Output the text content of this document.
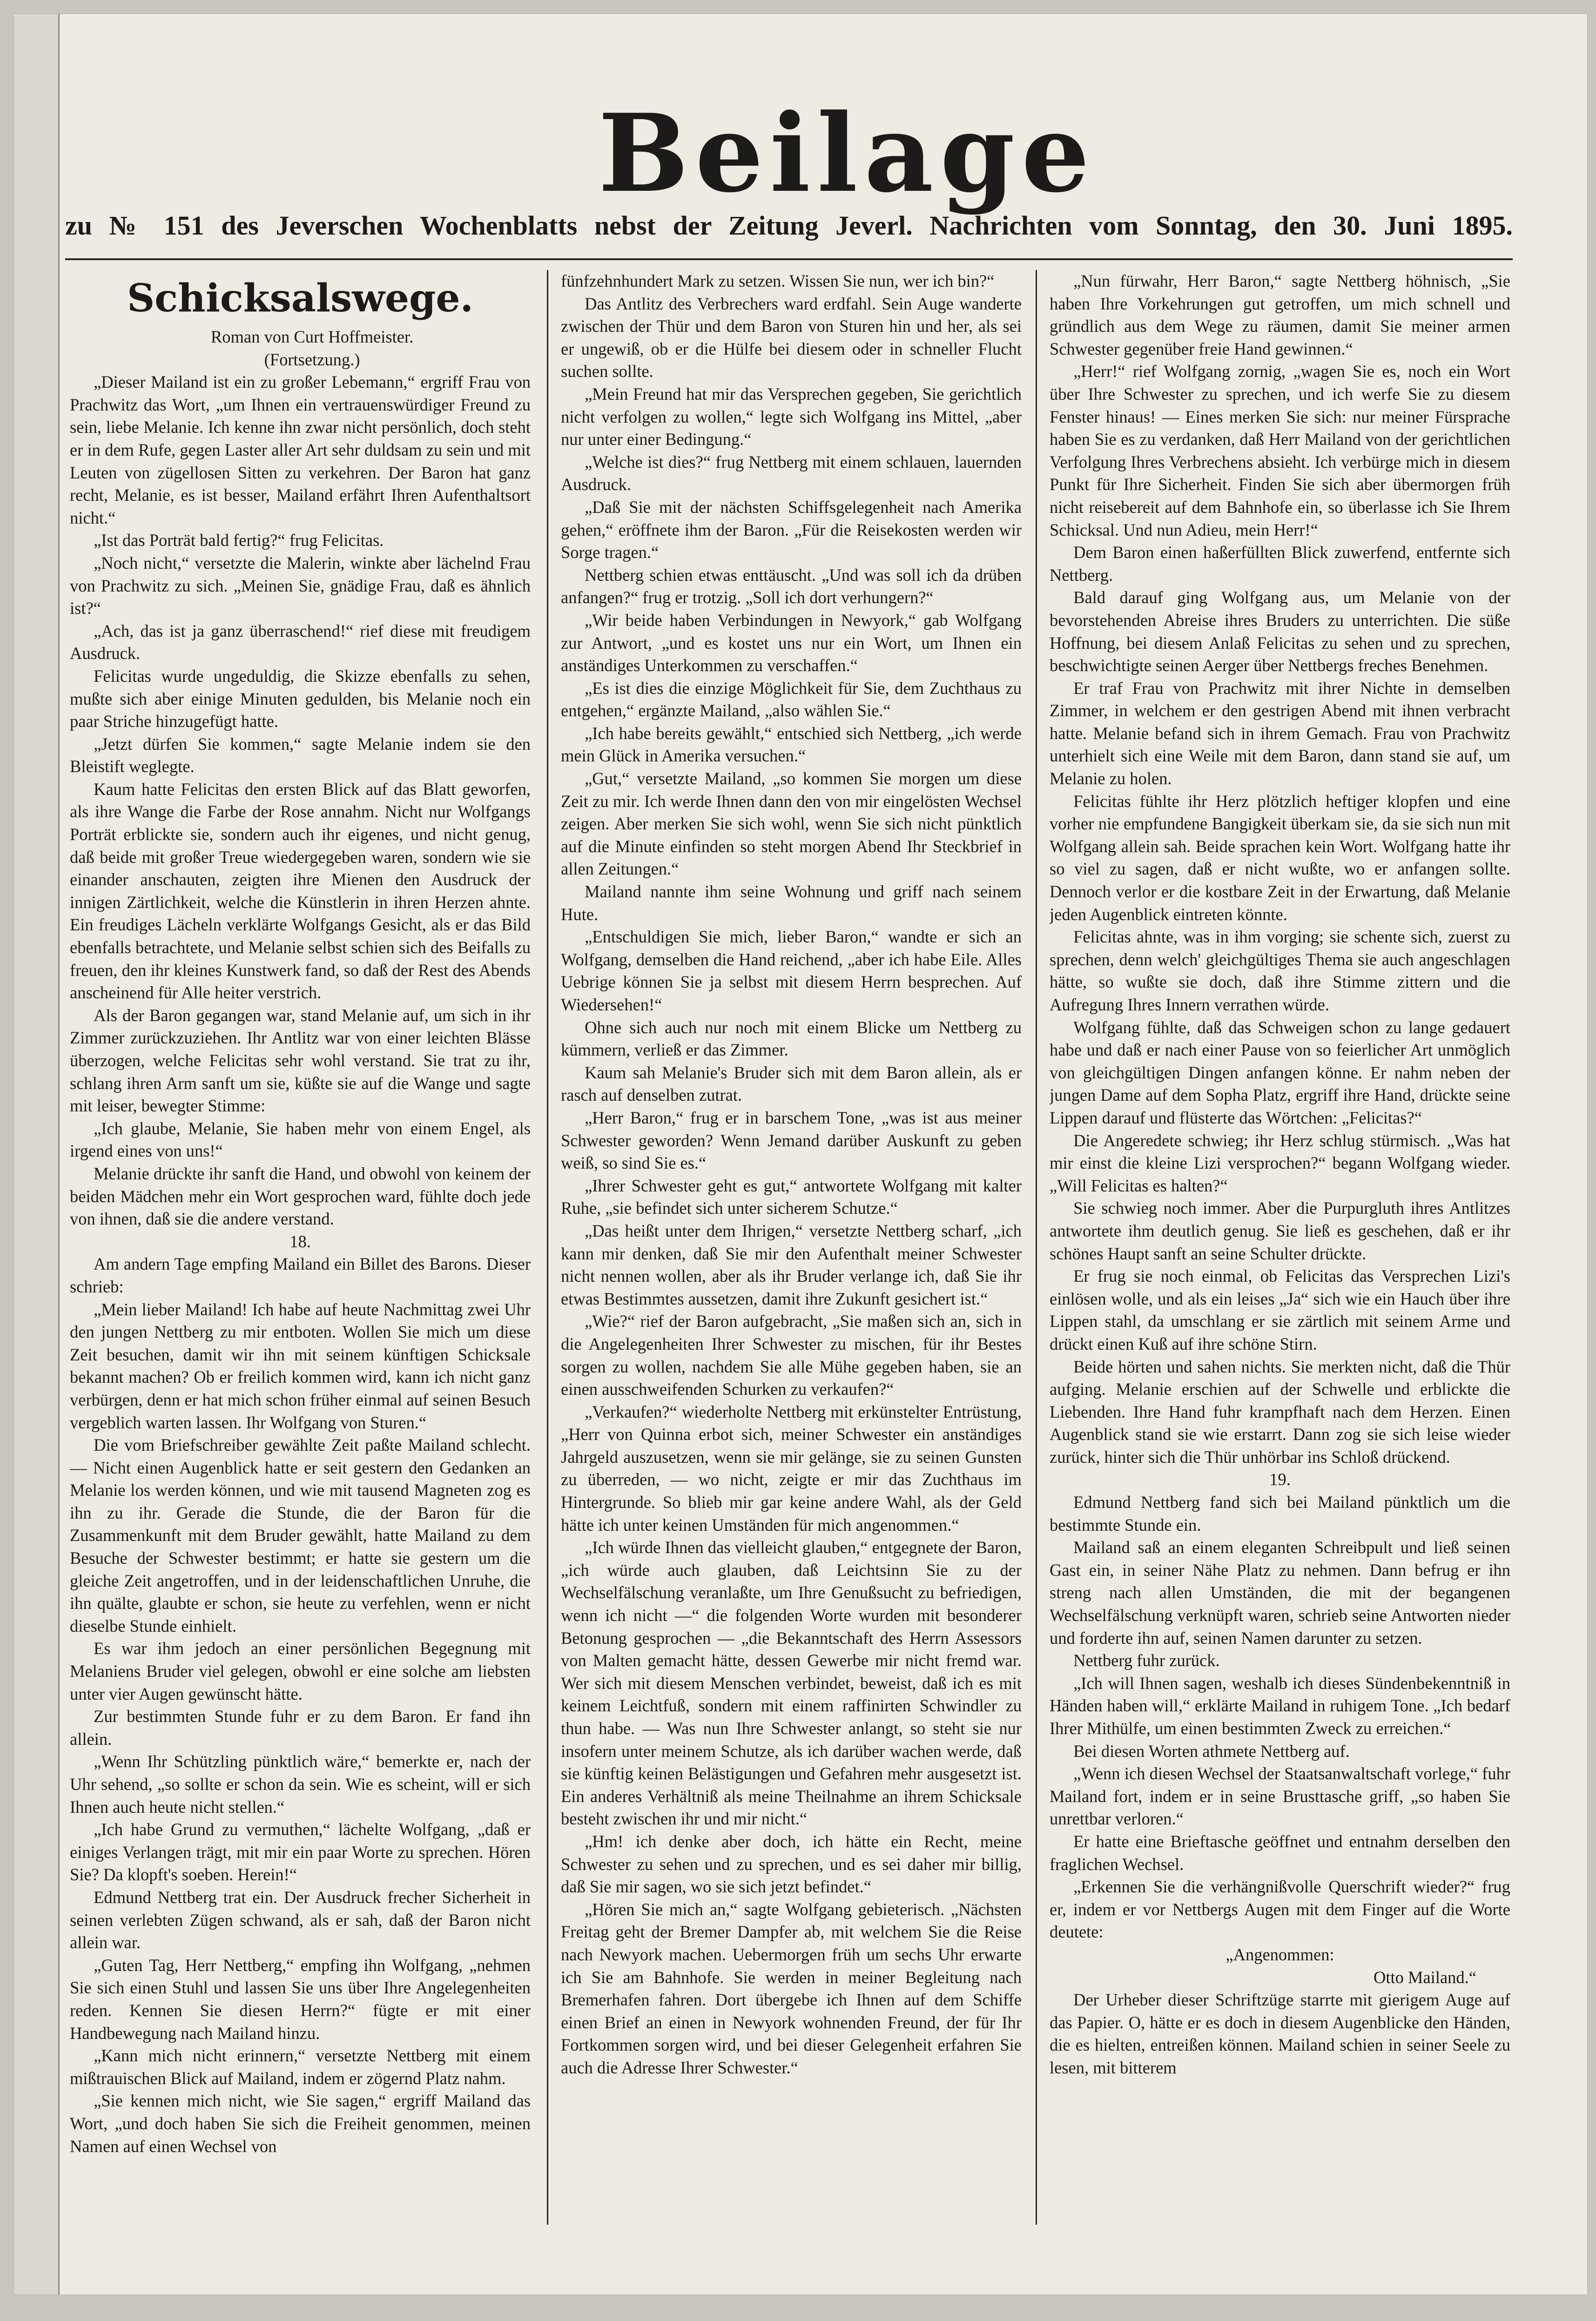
Beilage
zu № 151 des Jeverschen Wochenblatts nebst der Zeitung Jeverl. Nachrichten vom Sonntag, den 30. Juni 1895.
Schicksalswege.

Roman von Curt Hoffmeister.

(Fortsetzung.)

„Dieser Mailand ist ein zu großer Lebemann,“ ergriff Frau von Prachwitz das Wort, „um Ihnen ein vertrauenswürdiger Freund zu sein, liebe Melanie. Ich kenne ihn zwar nicht persönlich, doch steht er in dem Rufe, gegen Laster aller Art sehr duldsam zu sein und mit Leuten von zügellosen Sitten zu verkehren. Der Baron hat ganz recht, Melanie, es ist besser, Mailand erfährt Ihren Aufenthaltsort nicht.“

„Ist das Porträt bald fertig?“ frug Felicitas.

„Noch nicht,“ versetzte die Malerin, winkte aber lächelnd Frau von Prachwitz zu sich. „Meinen Sie, gnädige Frau, daß es ähnlich ist?“

„Ach, das ist ja ganz überraschend!“ rief diese mit freudigem Ausdruck.

Felicitas wurde ungeduldig, die Skizze ebenfalls zu sehen, mußte sich aber einige Minuten gedulden, bis Melanie noch ein paar Striche hinzugefügt hatte.

„Jetzt dürfen Sie kommen,“ sagte Melanie indem sie den Bleistift weglegte.

Kaum hatte Felicitas den ersten Blick auf das Blatt geworfen, als ihre Wange die Farbe der Rose annahm. Nicht nur Wolfgangs Porträt erblickte sie, sondern auch ihr eigenes, und nicht genug, daß beide mit großer Treue wiedergegeben waren, sondern wie sie einander anschauten, zeigten ihre Mienen den Ausdruck der innigen Zärtlichkeit, welche die Künstlerin in ihren Herzen ahnte. Ein freudiges Lächeln verklärte Wolfgangs Gesicht, als er das Bild ebenfalls betrachtete, und Melanie selbst schien sich des Beifalls zu freuen, den ihr kleines Kunstwerk fand, so daß der Rest des Abends anscheinend für Alle heiter verstrich.

Als der Baron gegangen war, stand Melanie auf, um sich in ihr Zimmer zurückzuziehen. Ihr Antlitz war von einer leichten Blässe überzogen, welche Felicitas sehr wohl verstand. Sie trat zu ihr, schlang ihren Arm sanft um sie, küßte sie auf die Wange und sagte mit leiser, bewegter Stimme:

„Ich glaube, Melanie, Sie haben mehr von einem Engel, als irgend eines von uns!“

Melanie drückte ihr sanft die Hand, und obwohl von keinem der beiden Mädchen mehr ein Wort gesprochen ward, fühlte doch jede von ihnen, daß sie die andere verstand.

18.

Am andern Tage empfing Mailand ein Billet des Barons. Dieser schrieb:

„Mein lieber Mailand! Ich habe auf heute Nachmittag zwei Uhr den jungen Nettberg zu mir entboten. Wollen Sie mich um diese Zeit besuchen, damit wir ihn mit seinem künftigen Schicksale bekannt machen? Ob er freilich kommen wird, kann ich nicht ganz verbürgen, denn er hat mich schon früher einmal auf seinen Besuch vergeblich warten lassen. Ihr Wolfgang von Sturen.“

Die vom Briefschreiber gewählte Zeit paßte Mailand schlecht. — Nicht einen Augenblick hatte er seit gestern den Gedanken an Melanie los werden können, und wie mit tausend Magneten zog es ihn zu ihr. Gerade die Stunde, die der Baron für die Zusammenkunft mit dem Bruder gewählt, hatte Mailand zu dem Besuche der Schwester bestimmt; er hatte sie gestern um die gleiche Zeit angetroffen, und in der leidenschaftlichen Unruhe, die ihn quälte, glaubte er schon, sie heute zu verfehlen, wenn er nicht dieselbe Stunde einhielt.

Es war ihm jedoch an einer persönlichen Begegnung mit Melaniens Bruder viel gelegen, obwohl er eine solche am liebsten unter vier Augen gewünscht hätte.

Zur bestimmten Stunde fuhr er zu dem Baron. Er fand ihn allein.

„Wenn Ihr Schützling pünktlich wäre,“ bemerkte er, nach der Uhr sehend, „so sollte er schon da sein. Wie es scheint, will er sich Ihnen auch heute nicht stellen.“

„Ich habe Grund zu vermuthen,“ lächelte Wolfgang, „daß er einiges Verlangen trägt, mit mir ein paar Worte zu sprechen. Hören Sie? Da klopft's soeben. Herein!“

Edmund Nettberg trat ein. Der Ausdruck frecher Sicherheit in seinen verlebten Zügen schwand, als er sah, daß der Baron nicht allein war.

„Guten Tag, Herr Nettberg,“ empfing ihn Wolfgang, „nehmen Sie sich einen Stuhl und lassen Sie uns über Ihre Angelegenheiten reden. Kennen Sie diesen Herrn?“ fügte er mit einer Handbewegung nach Mailand hinzu.

„Kann mich nicht erinnern,“ versetzte Nettberg mit einem mißtrauischen Blick auf Mailand, indem er zögernd Platz nahm.

„Sie kennen mich nicht, wie Sie sagen,“ ergriff Mailand das Wort, „und doch haben Sie sich die Freiheit genommen, meinen Namen auf einen Wechsel von

fünfzehnhundert Mark zu setzen. Wissen Sie nun, wer ich bin?“

Das Antlitz des Verbrechers ward erdfahl. Sein Auge wanderte zwischen der Thür und dem Baron von Sturen hin und her, als sei er ungewiß, ob er die Hülfe bei diesem oder in schneller Flucht suchen sollte.

„Mein Freund hat mir das Versprechen gegeben, Sie gerichtlich nicht verfolgen zu wollen,“ legte sich Wolfgang ins Mittel, „aber nur unter einer Bedingung.“

„Welche ist dies?“ frug Nettberg mit einem schlauen, lauernden Ausdruck.

„Daß Sie mit der nächsten Schiffsgelegenheit nach Amerika gehen,“ eröffnete ihm der Baron. „Für die Reisekosten werden wir Sorge tragen.“

Nettberg schien etwas enttäuscht. „Und was soll ich da drüben anfangen?“ frug er trotzig. „Soll ich dort verhungern?“

„Wir beide haben Verbindungen in Newyork,“ gab Wolfgang zur Antwort, „und es kostet uns nur ein Wort, um Ihnen ein anständiges Unterkommen zu verschaffen.“

„Es ist dies die einzige Möglichkeit für Sie, dem Zuchthaus zu entgehen,“ ergänzte Mailand, „also wählen Sie.“

„Ich habe bereits gewählt,“ entschied sich Nettberg, „ich werde mein Glück in Amerika versuchen.“

„Gut,“ versetzte Mailand, „so kommen Sie morgen um diese Zeit zu mir. Ich werde Ihnen dann den von mir eingelösten Wechsel zeigen. Aber merken Sie sich wohl, wenn Sie sich nicht pünktlich auf die Minute einfinden so steht morgen Abend Ihr Steckbrief in allen Zeitungen.“

Mailand nannte ihm seine Wohnung und griff nach seinem Hute.

„Entschuldigen Sie mich, lieber Baron,“ wandte er sich an Wolfgang, demselben die Hand reichend, „aber ich habe Eile. Alles Uebrige können Sie ja selbst mit diesem Herrn besprechen. Auf Wiedersehen!“

Ohne sich auch nur noch mit einem Blicke um Nettberg zu kümmern, verließ er das Zimmer.

Kaum sah Melanie's Bruder sich mit dem Baron allein, als er rasch auf denselben zutrat.

„Herr Baron,“ frug er in barschem Tone, „was ist aus meiner Schwester geworden? Wenn Jemand darüber Auskunft zu geben weiß, so sind Sie es.“

„Ihrer Schwester geht es gut,“ antwortete Wolfgang mit kalter Ruhe, „sie befindet sich unter sicherem Schutze.“

„Das heißt unter dem Ihrigen,“ versetzte Nettberg scharf, „ich kann mir denken, daß Sie mir den Aufenthalt meiner Schwester nicht nennen wollen, aber als ihr Bruder verlange ich, daß Sie ihr etwas Bestimmtes aussetzen, damit ihre Zukunft gesichert ist.“

„Wie?“ rief der Baron aufgebracht, „Sie maßen sich an, sich in die Angelegenheiten Ihrer Schwester zu mischen, für ihr Bestes sorgen zu wollen, nachdem Sie alle Mühe gegeben haben, sie an einen ausschweifenden Schurken zu verkaufen?“

„Verkaufen?“ wiederholte Nettberg mit erkünstelter Entrüstung, „Herr von Quinna erbot sich, meiner Schwester ein anständiges Jahrgeld auszusetzen, wenn sie mir gelänge, sie zu seinen Gunsten zu überreden, — wo nicht, zeigte er mir das Zuchthaus im Hintergrunde. So blieb mir gar keine andere Wahl, als der Geld hätte ich unter keinen Umständen für mich angenommen.“

„Ich würde Ihnen das vielleicht glauben,“ entgegnete der Baron, „ich würde auch glauben, daß Leichtsinn Sie zu der Wechselfälschung veranlaßte, um Ihre Genußsucht zu befriedigen, wenn ich nicht —“ die folgenden Worte wurden mit besonderer Betonung gesprochen — „die Bekanntschaft des Herrn Assessors von Malten gemacht hätte, dessen Gewerbe mir nicht fremd war. Wer sich mit diesem Menschen verbindet, beweist, daß ich es mit keinem Leichtfuß, sondern mit einem raffinirten Schwindler zu thun habe. — Was nun Ihre Schwester anlangt, so steht sie nur insofern unter meinem Schutze, als ich darüber wachen werde, daß sie künftig keinen Belästigungen und Gefahren mehr ausgesetzt ist. Ein anderes Verhältniß als meine Theilnahme an ihrem Schicksale besteht zwischen ihr und mir nicht.“

„Hm! ich denke aber doch, ich hätte ein Recht, meine Schwester zu sehen und zu sprechen, und es sei daher mir billig, daß Sie mir sagen, wo sie sich jetzt befindet.“

„Hören Sie mich an,“ sagte Wolfgang gebieterisch. „Nächsten Freitag geht der Bremer Dampfer ab, mit welchem Sie die Reise nach Newyork machen. Uebermorgen früh um sechs Uhr erwarte ich Sie am Bahnhofe. Sie werden in meiner Begleitung nach Bremerhafen fahren. Dort übergebe ich Ihnen auf dem Schiffe einen Brief an einen in Newyork wohnenden Freund, der für Ihr Fortkommen sorgen wird, und bei dieser Gelegenheit erfahren Sie auch die Adresse Ihrer Schwester.“

„Nun fürwahr, Herr Baron,“ sagte Nettberg höhnisch, „Sie haben Ihre Vorkehrungen gut getroffen, um mich schnell und gründlich aus dem Wege zu räumen, damit Sie meiner armen Schwester gegenüber freie Hand gewinnen.“

„Herr!“ rief Wolfgang zornig, „wagen Sie es, noch ein Wort über Ihre Schwester zu sprechen, und ich werfe Sie zu diesem Fenster hinaus! — Eines merken Sie sich: nur meiner Fürsprache haben Sie es zu verdanken, daß Herr Mailand von der gerichtlichen Verfolgung Ihres Verbrechens absieht. Ich verbürge mich in diesem Punkt für Ihre Sicherheit. Finden Sie sich aber übermorgen früh nicht reisebereit auf dem Bahnhofe ein, so überlasse ich Sie Ihrem Schicksal. Und nun Adieu, mein Herr!“

Dem Baron einen haßerfüllten Blick zuwerfend, entfernte sich Nettberg.

Bald darauf ging Wolfgang aus, um Melanie von der bevorstehenden Abreise ihres Bruders zu unterrichten. Die süße Hoffnung, bei diesem Anlaß Felicitas zu sehen und zu sprechen, beschwichtigte seinen Aerger über Nettbergs freches Benehmen.

Er traf Frau von Prachwitz mit ihrer Nichte in demselben Zimmer, in welchem er den gestrigen Abend mit ihnen verbracht hatte. Melanie befand sich in ihrem Gemach. Frau von Prachwitz unterhielt sich eine Weile mit dem Baron, dann stand sie auf, um Melanie zu holen.

Felicitas fühlte ihr Herz plötzlich heftiger klopfen und eine vorher nie empfundene Bangigkeit überkam sie, da sie sich nun mit Wolfgang allein sah. Beide sprachen kein Wort. Wolfgang hatte ihr so viel zu sagen, daß er nicht wußte, wo er anfangen sollte. Dennoch verlor er die kostbare Zeit in der Erwartung, daß Melanie jeden Augenblick eintreten könnte.

Felicitas ahnte, was in ihm vorging; sie schente sich, zuerst zu sprechen, denn welch' gleichgültiges Thema sie auch angeschlagen hätte, so wußte sie doch, daß ihre Stimme zittern und die Aufregung Ihres Innern verrathen würde.

Wolfgang fühlte, daß das Schweigen schon zu lange gedauert habe und daß er nach einer Pause von so feierlicher Art unmöglich von gleichgültigen Dingen anfangen könne. Er nahm neben der jungen Dame auf dem Sopha Platz, ergriff ihre Hand, drückte seine Lippen darauf und flüsterte das Wörtchen: „Felicitas?“

Die Angeredete schwieg; ihr Herz schlug stürmisch. „Was hat mir einst die kleine Lizi versprochen?“ begann Wolfgang wieder. „Will Felicitas es halten?“

Sie schwieg noch immer. Aber die Purpurgluth ihres Antlitzes antwortete ihm deutlich genug. Sie ließ es geschehen, daß er ihr schönes Haupt sanft an seine Schulter drückte.

Er frug sie noch einmal, ob Felicitas das Versprechen Lizi's einlösen wolle, und als ein leises „Ja“ sich wie ein Hauch über ihre Lippen stahl, da umschlang er sie zärtlich mit seinem Arme und drückt einen Kuß auf ihre schöne Stirn.

Beide hörten und sahen nichts. Sie merkten nicht, daß die Thür aufging. Melanie erschien auf der Schwelle und erblickte die Liebenden. Ihre Hand fuhr krampfhaft nach dem Herzen. Einen Augenblick stand sie wie erstarrt. Dann zog sie sich leise wieder zurück, hinter sich die Thür unhörbar ins Schloß drückend.

19.

Edmund Nettberg fand sich bei Mailand pünktlich um die bestimmte Stunde ein.

Mailand saß an einem eleganten Schreibpult und ließ seinen Gast ein, in seiner Nähe Platz zu nehmen. Dann befrug er ihn streng nach allen Umständen, die mit der begangenen Wechselfälschung verknüpft waren, schrieb seine Antworten nieder und forderte ihn auf, seinen Namen darunter zu setzen.

Nettberg fuhr zurück.

„Ich will Ihnen sagen, weshalb ich dieses Sündenbekenntniß in Händen haben will,“ erklärte Mailand in ruhigem Tone. „Ich bedarf Ihrer Mithülfe, um einen bestimmten Zweck zu erreichen.“

Bei diesen Worten athmete Nettberg auf.

„Wenn ich diesen Wechsel der Staatsanwaltschaft vorlege,“ fuhr Mailand fort, indem er in seine Brusttasche griff, „so haben Sie unrettbar verloren.“

Er hatte eine Brieftasche geöffnet und entnahm derselben den fraglichen Wechsel.

„Erkennen Sie die verhängnißvolle Querschrift wieder?“ frug er, indem er vor Nettbergs Augen mit dem Finger auf die Worte deutete:

„Angenommen:

Otto Mailand.“

Der Urheber dieser Schriftzüge starrte mit gierigem Auge auf das Papier. O, hätte er es doch in diesem Augenblicke den Händen, die es hielten, entreißen können. Mailand schien in seiner Seele zu lesen, mit bitterem
